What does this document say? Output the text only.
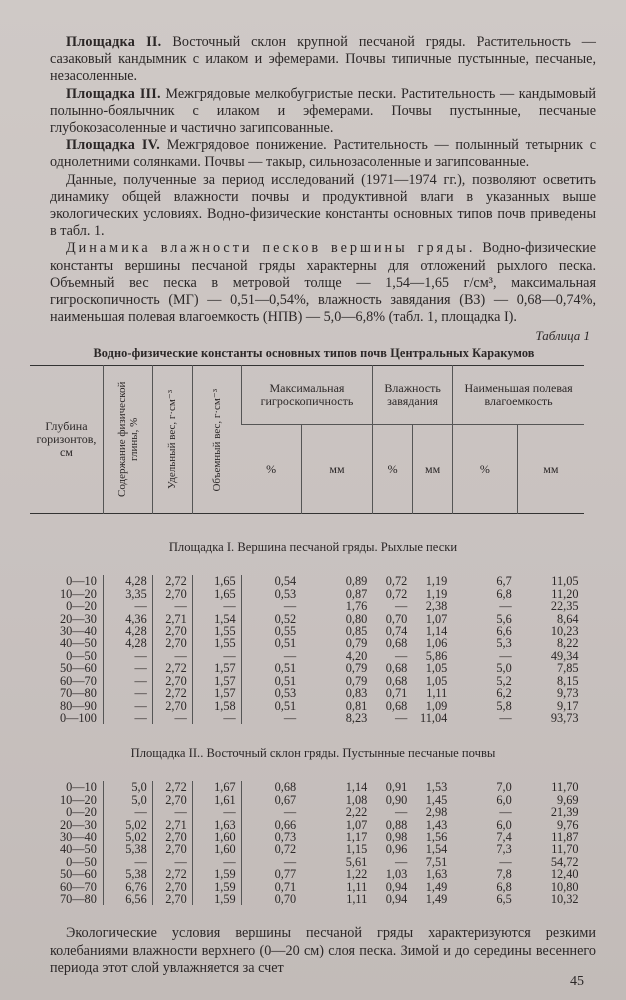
Площадка II. Восточный склон крупной песчаной гряды. Растительность — сазаковый кандымник с илаком и эфемерами. Почвы типичные пустынные, песчаные, незасоленные.

Площадка III. Межгрядовые мелкобугристые пески. Растительность — кандымовый полынно-боялычник с илаком и эфемерами. Почвы пустынные, песчаные глубокозасоленные и частично загипсованные.

Площадка IV. Межгрядовое понижение. Растительность — полынный тетырник с однолетними солянками. Почвы — такыр, сильнозасоленные и загипсованные.

Данные, полученные за период исследований (1971—1974 гг.), позволяют осветить динамику общей влажности почвы и продуктивной влаги в указанных выше экологических условиях. Водно-физические константы основных типов почв приведены в табл. 1.

Динамика влажности песков вершины гряды. Водно-физические константы вершины песчаной гряды характерны для отложений рыхлого песка. Объемный вес песка в метровой толще — 1,54—1,65 г/см³, максимальная гигроскопичность (МГ) — 0,51—0,54%, влажность завядания (ВЗ) — 0,68—0,74%, наименьшая полевая влагоемкость (НПВ) — 5,0—6,8% (табл. 1, площадка I).

Таблица 1
Водно-физические константы основных типов почв Центральных Каракумов
Глубина горизонтов, см	Содержание физической глины, %	Удельный вес, г·см⁻³	Объемный вес, г·см⁻³	Максимальная гигроскопичность		Влажность завядания		Наименьшая полевая влагоемкость	
				%	мм	%	мм	%	мм
Площадка I. Вершина песчаной гряды. Рыхлые пески
0—10	4,28	2,72	1,65	0,54	0,89	0,72	1,19	6,7	11,05
10—20	3,35	2,70	1,65	0,53	0,87	0,72	1,19	6,8	11,20
0—20	—	—	—	—	1,76	—	2,38	—	22,35
20—30	4,36	2,71	1,54	0,52	0,80	0,70	1,07	5,6	8,64
30—40	4,28	2,70	1,55	0,55	0,85	0,74	1,14	6,6	10,23
40—50	4,28	2,70	1,55	0,51	0,79	0,68	1,06	5,3	8,22
0—50	—	—	—	—	4,20	—	5,86	—	49,34
50—60	—	2,72	1,57	0,51	0,79	0,68	1,05	5,0	7,85
60—70	—	2,70	1,57	0,51	0,79	0,68	1,05	5,2	8,15
70—80	—	2,72	1,57	0,53	0,83	0,71	1,11	6,2	9,73
80—90	—	2,70	1,58	0,51	0,81	0,68	1,09	5,8	9,17
0—100	—	—	—	—	8,23	—	11,04	—	93,73
Площадка II.. Восточный склон гряды. Пустынные песчаные почвы
0—10	5,0	2,72	1,67	0,68	1,14	0,91	1,53	7,0	11,70
10—20	5,0	2,70	1,61	0,67	1,08	0,90	1,45	6,0	9,69
0—20	—	—	—	—	2,22	—	2,98	—	21,39
20—30	5,02	2,71	1,63	0,66	1,07	0,88	1,43	6,0	9,76
30—40	5,02	2,70	1,60	0,73	1,17	0,98	1,56	7,4	11,87
40—50	5,38	2,70	1,60	0,72	1,15	0,96	1,54	7,3	11,70
0—50	—	—	—	—	5,61	—	7,51	—	54,72
50—60	5,38	2,72	1,59	0,77	1,22	1,03	1,63	7,8	12,40
60—70	6,76	2,70	1,59	0,71	1,11	0,94	1,49	6,8	10,80
70—80	6,56	2,70	1,59	0,70	1,11	0,94	1,49	6,5	10,32

Экологические условия вершины песчаной гряды характеризуются резкими колебаниями влажности верхнего (0—20 см) слоя песка. Зимой и до середины весеннего периода этот слой увлажняется за счет

45
